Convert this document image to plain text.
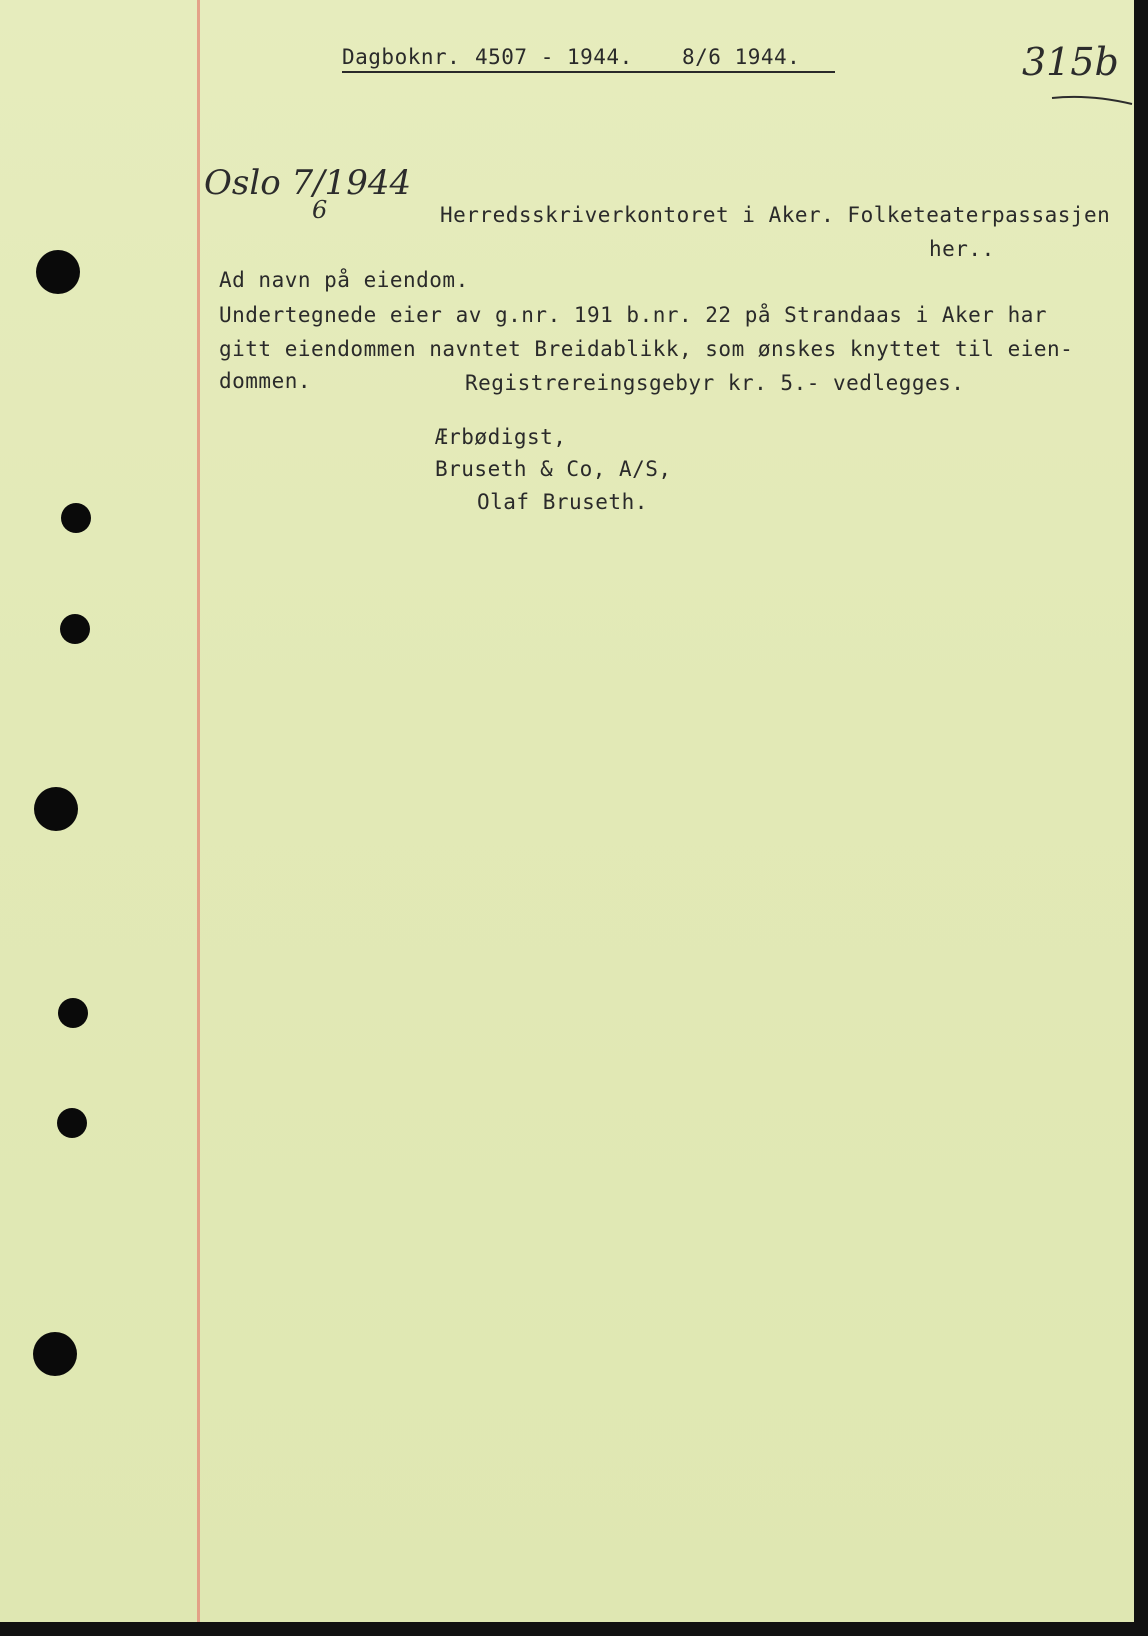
Dagboknr. 4507 - 1944. 8/6 1944.	315b
Oslo 7/1944
6	Herredsskriverkontoret i Aker. Folketeaterpassasjen
her..
Ad navn på eiendom.
Undertegnede eier av g.nr. 191 b.nr. 22 på Strandaas i Aker har
gitt eiendommen navntet Breidablikk, som ønskes knyttet til eien-
dommen.	Registrereingsgebyr kr. 5.- vedlegges.
Ærbødigst,
Bruseth & Co, A/S,
Olaf Bruseth.
